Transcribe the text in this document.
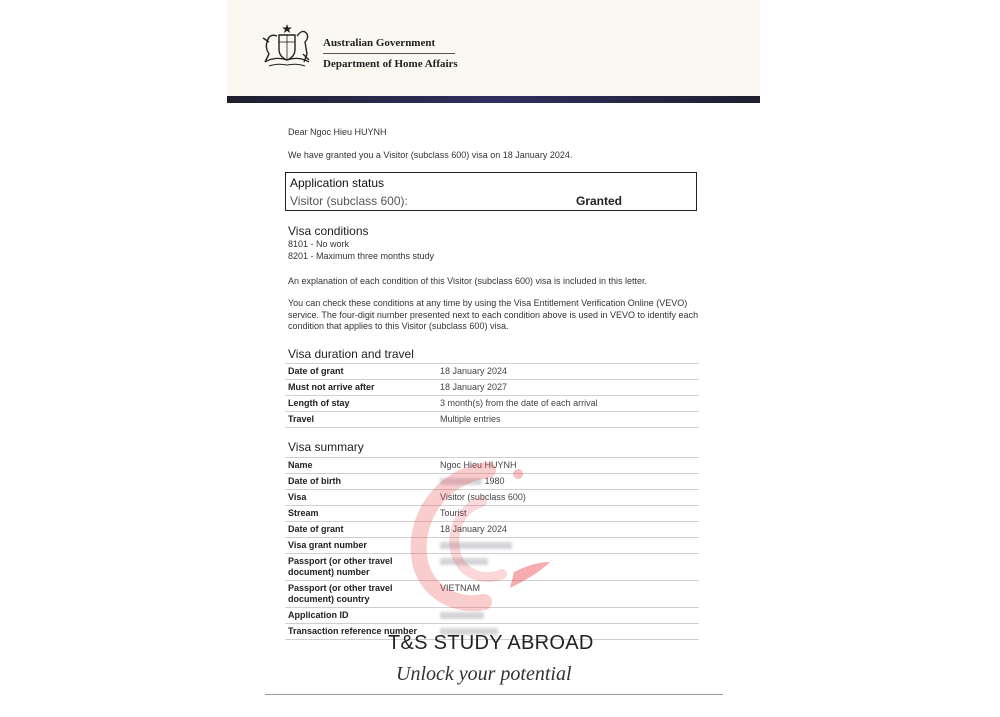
Australian Government
Department of Home Affairs
Dear Ngoc Hieu HUYNH
We have granted you a Visitor (subclass 600) visa on 18 January 2024.
Application status
Visitor (subclass 600):	Granted
Visa conditions
8101 - No work
8201 - Maximum three months study
An explanation of each condition of this Visitor (subclass 600) visa is included in this letter.
You can check these conditions at any time by using the Visa Entitlement Verification Online (VEVO) service. The four-digit number presented next to each condition above is used in VEVO to identify each condition that applies to this Visitor (subclass 600) visa.
Visa duration and travel
Date of grant	18 January 2024
Must not arrive after	18 January 2027
Length of stay	3 month(s) from the date of each arrival
Travel	Multiple entries
Visa summary
Name	Ngoc Hieu HUYNH
Date of birth	1980
Visa	Visitor (subclass 600)
Stream	Tourist
Date of grant	18 January 2024
Visa grant number	
Passport (or other travel document) number	
Passport (or other travel document) country	VIETNAM
Application ID	
Transaction reference number	
T&S STUDY ABROAD
Unlock your potential
